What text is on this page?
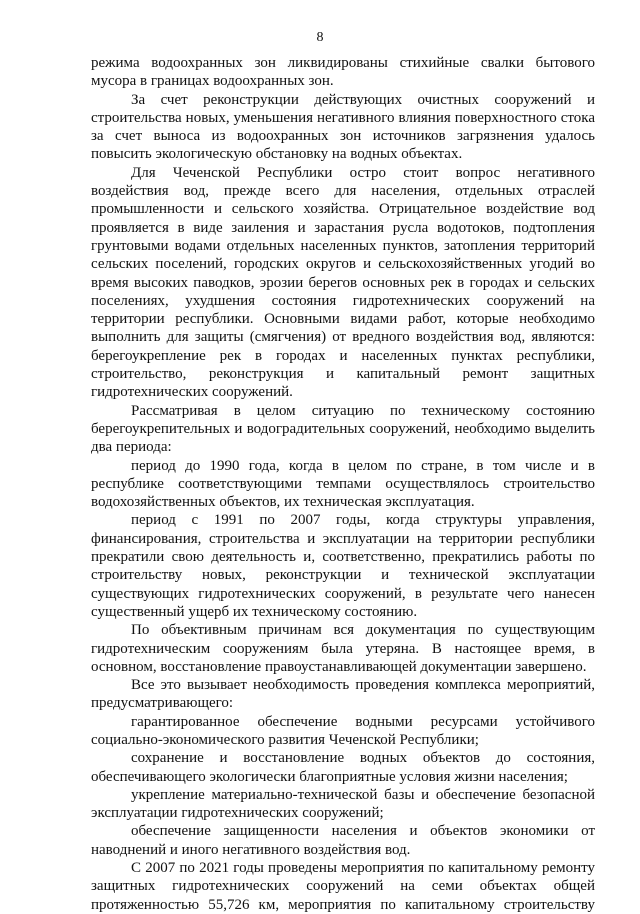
8

режима водоохранных зон ликвидированы стихийные свалки бытового мусора в границах водоохранных зон.

За счет реконструкции действующих очистных сооружений и строительства новых, уменьшения негативного влияния поверхностного стока за счет выноса из водоохранных зон источников загрязнения удалось повысить экологическую обстановку на водных объектах.

Для Чеченской Республики остро стоит вопрос негативного воздействия вод, прежде всего для населения, отдельных отраслей промышленности и сельского хозяйства. Отрицательное воздействие вод проявляется в виде заиления и зарастания русла водотоков, подтопления грунтовыми водами отдельных населенных пунктов, затопления территорий сельских поселений, городских округов и сельскохозяйственных угодий во время высоких паводков, эрозии берегов основных рек в городах и сельских поселениях, ухудшения состояния гидротехнических сооружений на территории республики. Основными видами работ, которые необходимо выполнить для защиты (смягчения) от вредного воздействия вод, являются: берегоукрепление рек в городах и населенных пунктах республики, строительство, реконструкция и капитальный ремонт защитных гидротехнических сооружений.

Рассматривая в целом ситуацию по техническому состоянию берегоукрепительных и водоградительных сооружений, необходимо выделить два периода:

период до 1990 года, когда в целом по стране, в том числе и в республике соответствующими темпами осуществлялось строительство водохозяйственных объектов, их техническая эксплуатация.

период с 1991 по 2007 годы, когда структуры управления, финансирования, строительства и эксплуатации на территории республики прекратили свою деятельность и, соответственно, прекратились работы по строительству новых, реконструкции и технической эксплуатации существующих гидротехнических сооружений, в результате чего нанесен существенный ущерб их техническому состоянию.

По объективным причинам вся документация по существующим гидротехническим сооружениям была утеряна. В настоящее время, в основном, восстановление правоустанавливающей документации завершено.

Все это вызывает необходимость проведения комплекса мероприятий, предусматривающего:

гарантированное обеспечение водными ресурсами устойчивого социально-экономического развития Чеченской Республики;

сохранение и восстановление водных объектов до состояния, обеспечивающего экологически благоприятные условия жизни населения;

укрепление материально-технической базы и обеспечение безопасной эксплуатации гидротехнических сооружений;

обеспечение защищенности населения и объектов экономики от наводнений и иного негативного воздействия вод.

С 2007 по 2021 годы проведены мероприятия по капитальному ремонту защитных гидротехнических сооружений на семи объектах общей протяженностью 55,726 км, мероприятия по капитальному строительству
